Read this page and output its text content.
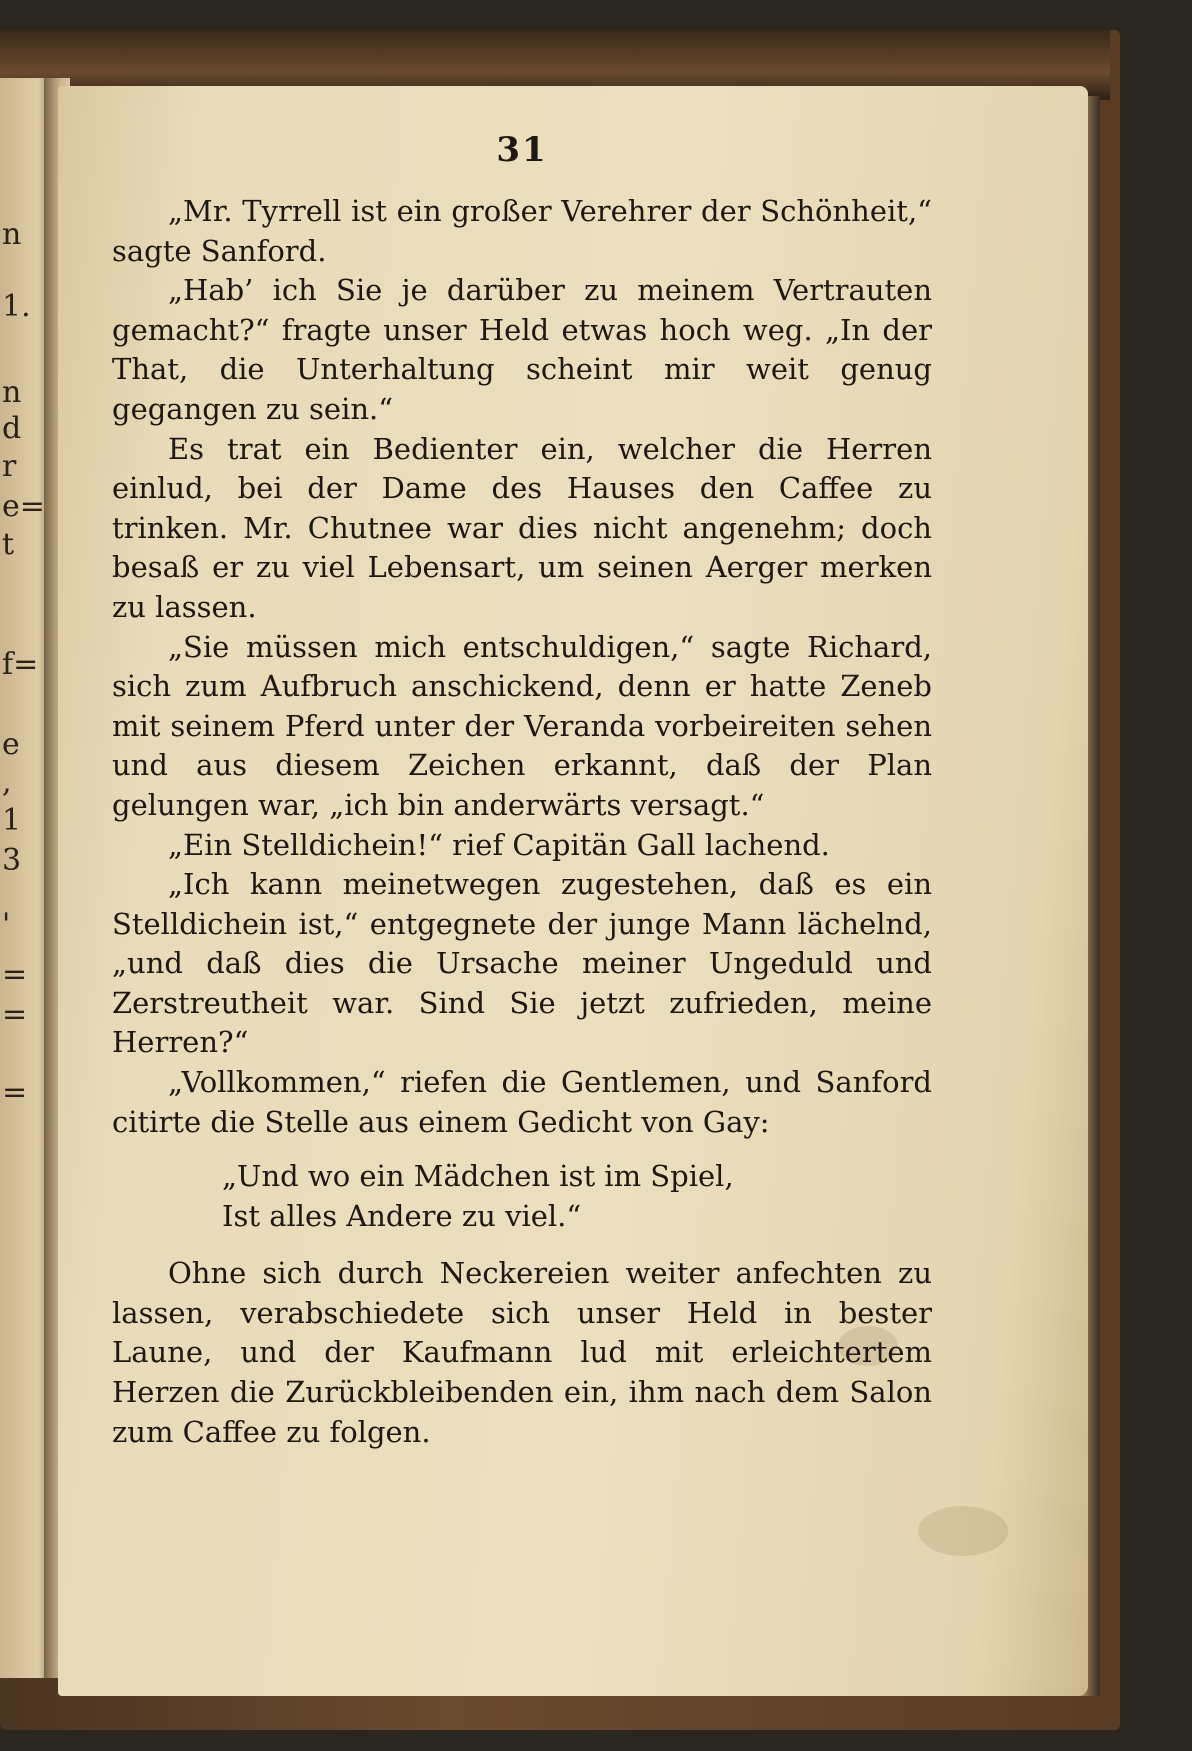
n
1.
n
d
r
e=
t
f=
e
,
1
3
'
=
=
=
31

„Mr. Tyrrell ist ein großer Verehrer der Schönheit,“ sagte Sanford.

„Hab’ ich Sie je darüber zu meinem Vertrauten gemacht?“ fragte unser Held etwas hoch weg. „In der That, die Unterhaltung scheint mir weit genug gegangen zu sein.“

Es trat ein Bedienter ein, welcher die Herren einlud, bei der Dame des Hauses den Caffee zu trinken. Mr. Chutnee war dies nicht angenehm; doch besaß er zu viel Lebensart, um seinen Aerger merken zu lassen.

„Sie müssen mich entschuldigen,“ sagte Richard, sich zum Aufbruch anschickend, denn er hatte Zeneb mit seinem Pferd unter der Veranda vorbeireiten sehen und aus diesem Zeichen erkannt, daß der Plan gelungen war, „ich bin anderwärts versagt.“

„Ein Stelldichein!“ rief Capitän Gall lachend.

„Ich kann meinetwegen zugestehen, daß es ein Stelldichein ist,“ entgegnete der junge Mann lächelnd, „und daß dies die Ursache meiner Ungeduld und Zerstreutheit war. Sind Sie jetzt zufrieden, meine Herren?“

„Vollkommen,“ riefen die Gentlemen, und Sanford citirte die Stelle aus einem Gedicht von Gay:

„Und wo ein Mädchen ist im Spiel,
Ist alles Andere zu viel.“

Ohne sich durch Neckereien weiter anfechten zu lassen, verabschiedete sich unser Held in bester Laune, und der Kaufmann lud mit erleichtertem Herzen die Zurückbleibenden ein, ihm nach dem Salon zum Caffee zu folgen.
